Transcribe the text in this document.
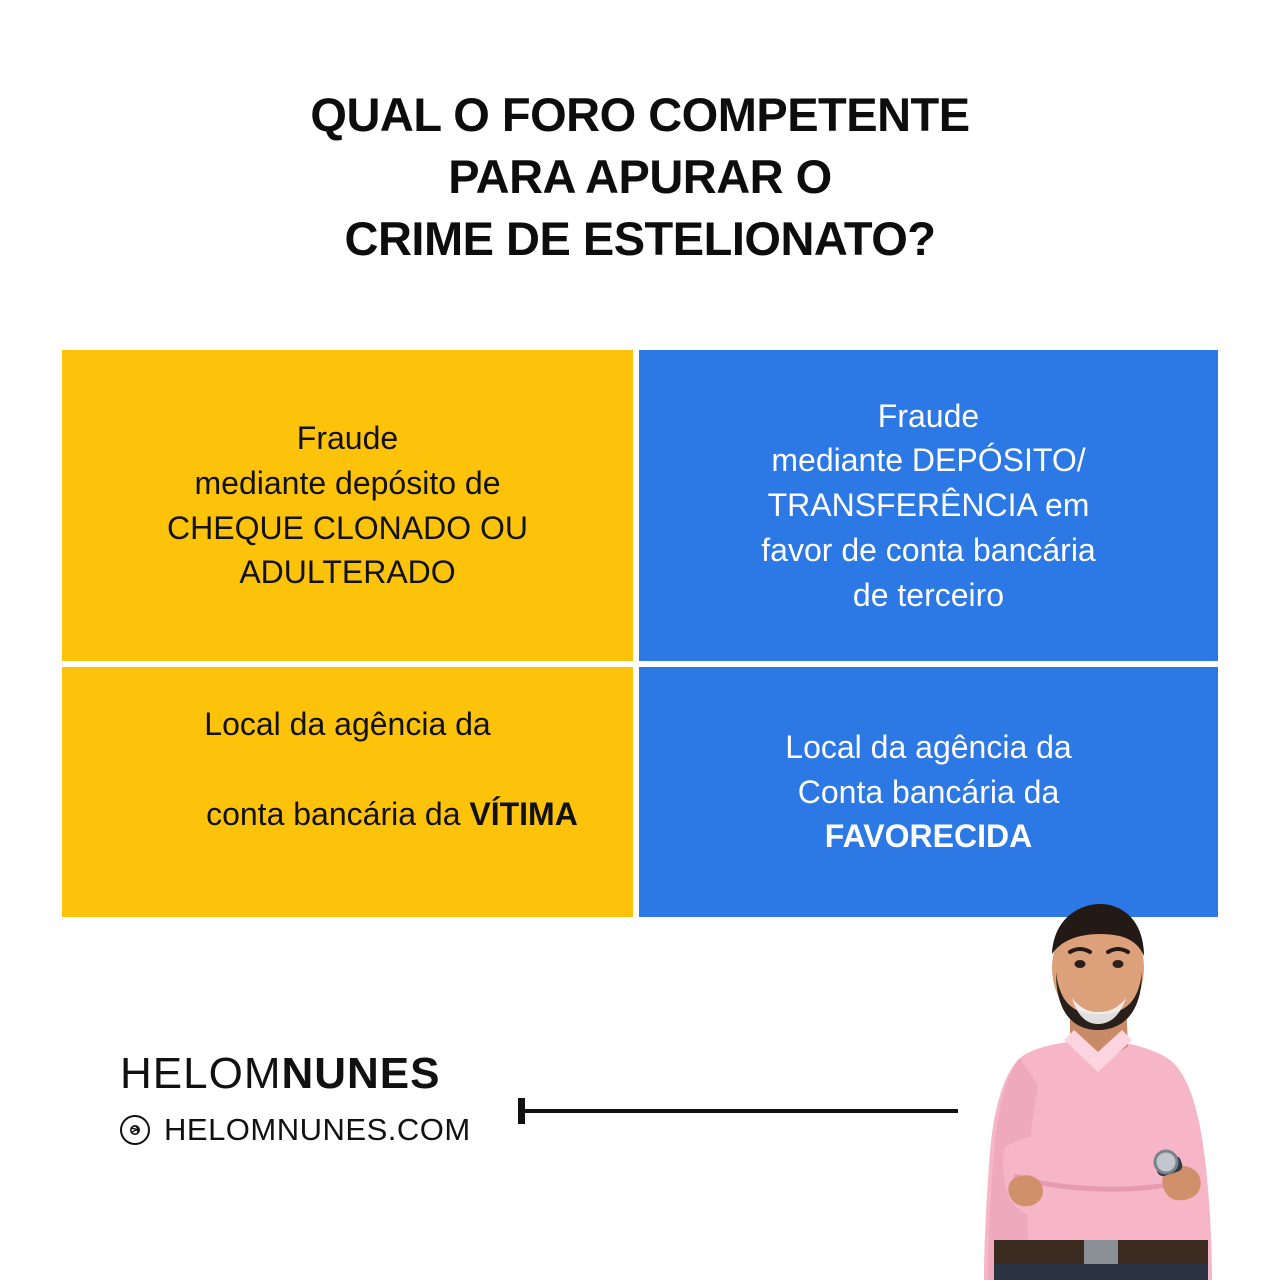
QUAL O FORO COMPETENTE
PARA APURAR O
CRIME DE ESTELIONATO?

Fraude
mediante depósito de
CHEQUE CLONADO OU
ADULTERADO

Fraude
mediante DEPÓSITO/
TRANSFERÊNCIA em
favor de conta bancária
de terceiro

Local da agência da

conta bancária da VÍTIMA

Local da agência da
Conta bancária da
FAVORECIDA

HELOMNUNES
HELOMNUNES.COM
